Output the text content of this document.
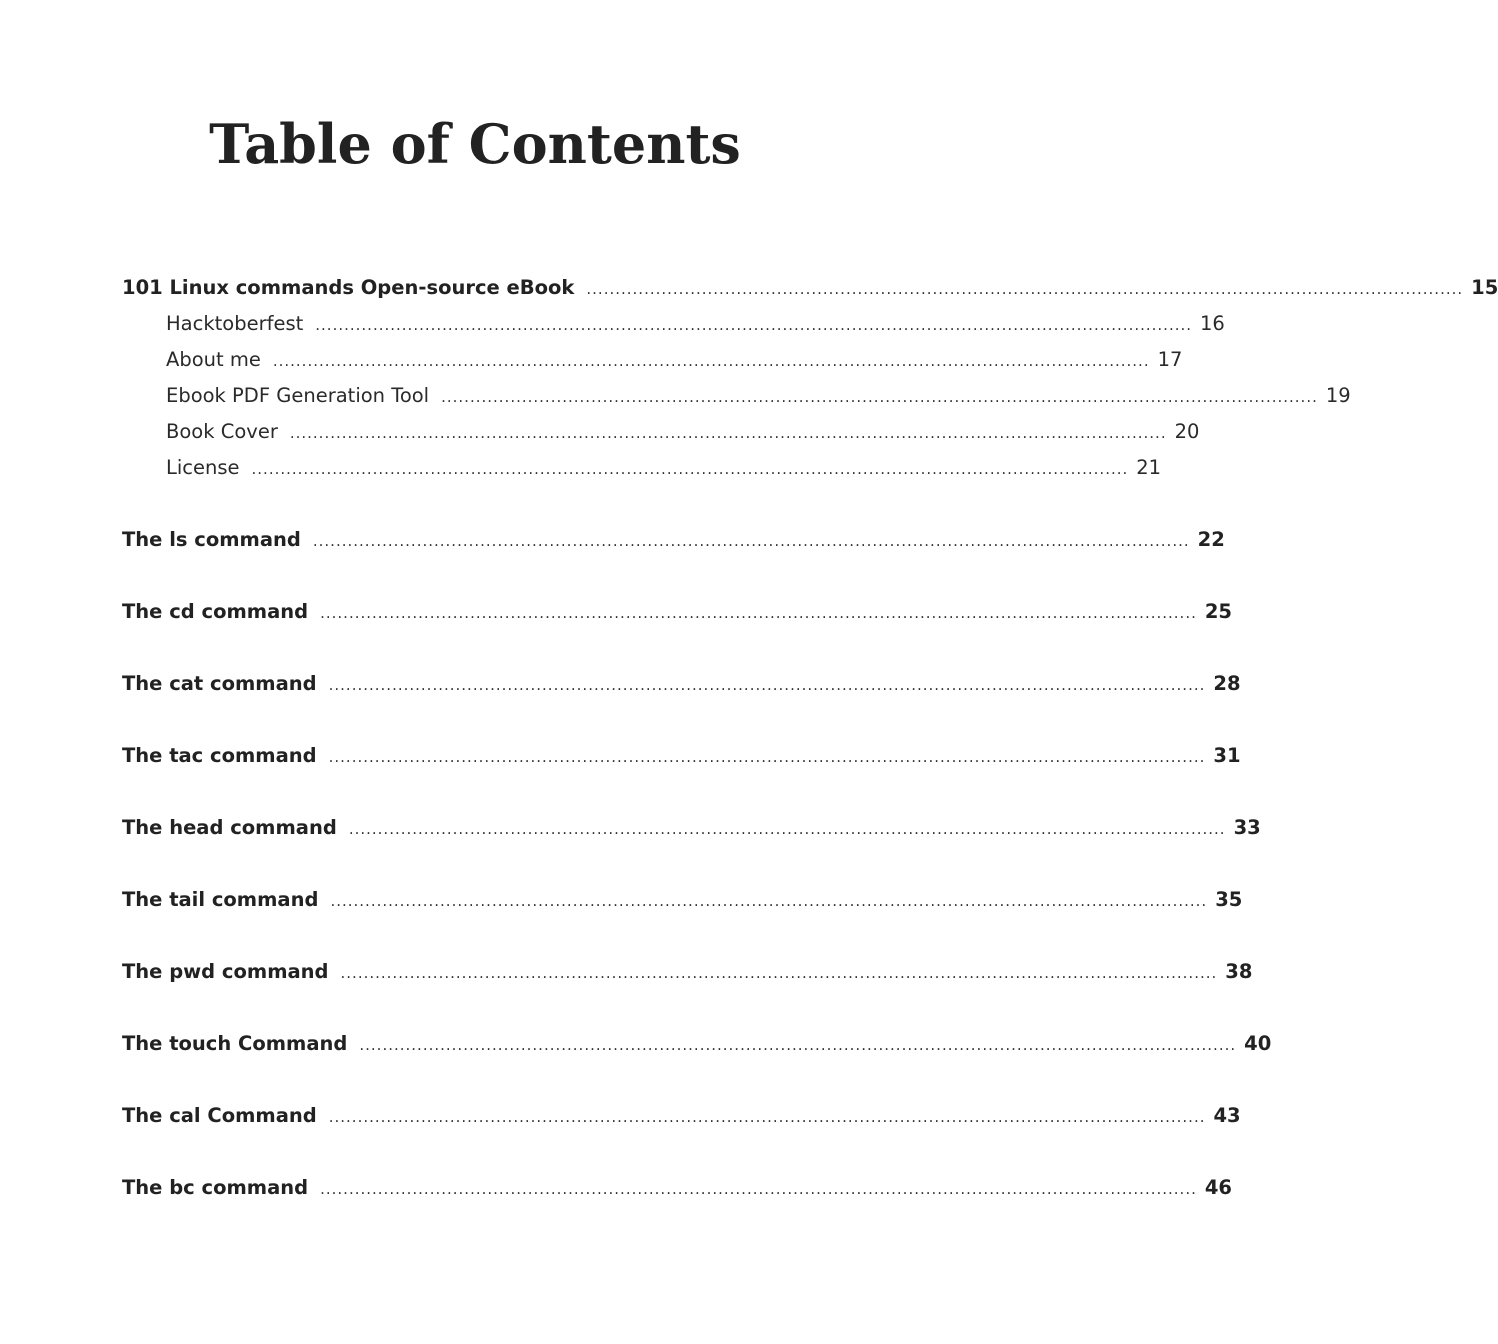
Table of Contents
101 Linux commands Open-source eBook ........................................................................................................................................................ 15
Hacktoberfest ........................................................................................................................................................ 16
About me ........................................................................................................................................................ 17
Ebook PDF Generation Tool ........................................................................................................................................................ 19
Book Cover ........................................................................................................................................................ 20
License ........................................................................................................................................................ 21
The ls command ........................................................................................................................................................ 22
The cd command ........................................................................................................................................................ 25
The cat command ........................................................................................................................................................ 28
The tac command ........................................................................................................................................................ 31
The head command ........................................................................................................................................................ 33
The tail command ........................................................................................................................................................ 35
The pwd command ........................................................................................................................................................ 38
The touch Command ........................................................................................................................................................ 40
The cal Command ........................................................................................................................................................ 43
The bc command ........................................................................................................................................................ 46
